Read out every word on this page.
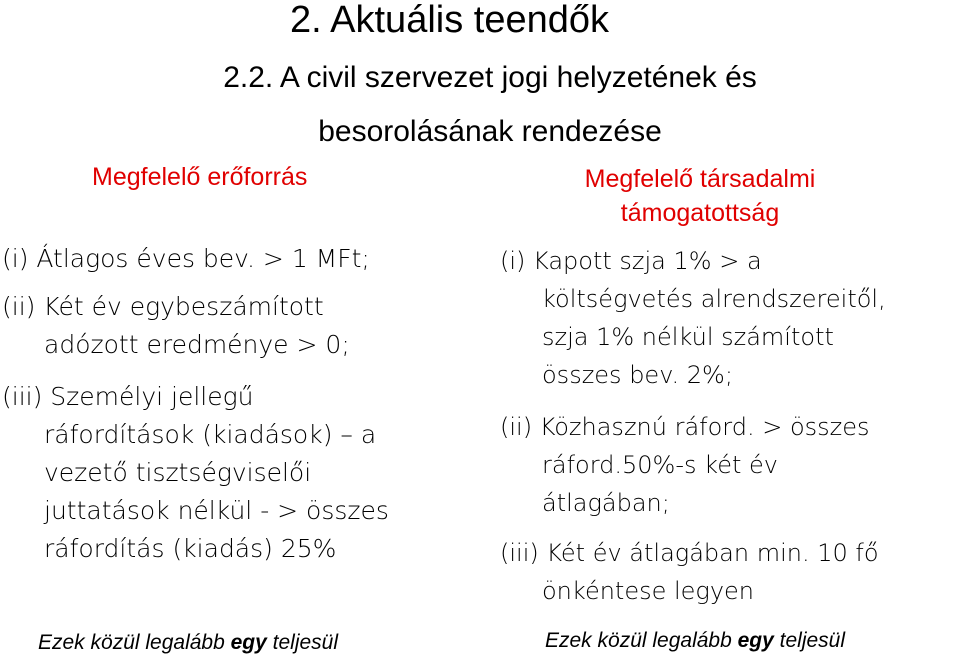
2. Aktuális teendők
2.2. A civil szervezet jogi helyzetének és
besorolásának rendezése
Megfelelő erőforrás
(i) Átlagos éves bev. > 1 MFt;
(ii) Két év egybeszámított
adózott eredménye > 0;
(iii) Személyi jellegű
ráfordítások (kiadások) – a
vezető tisztségviselői
juttatások nélkül - > összes
ráfordítás (kiadás) 25%
Ezek közül legalább egy teljesül
Megfelelő társadalmi
támogatottság
(i) Kapott szja 1% > a
költségvetés alrendszereitől,
szja 1% nélkül számított
összes bev. 2%;
(ii) Közhasznú ráford. > összes
ráford.50%-s két év
átlagában;
(iii) Két év átlagában min. 10 fő
önkéntese legyen
Ezek közül legalább egy teljesül
